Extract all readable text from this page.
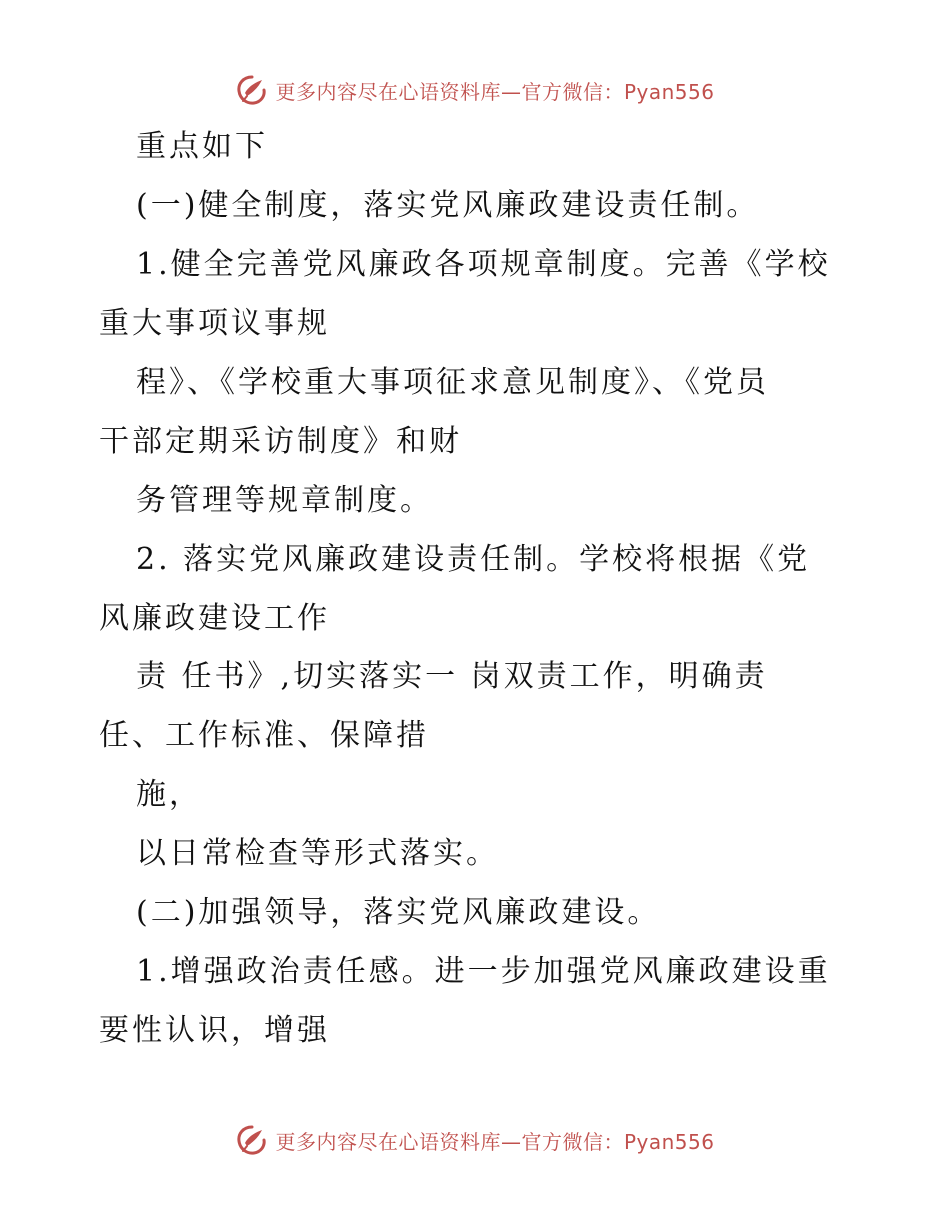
更多内容尽在心语资料库—官方微信：Pyan556
重点如下
(一)健全制度，落实党风廉政建设责任制。
1.健全完善党风廉政各项规章制度。完善《学校
重大事项议事规
程》、《学校重大事项征求意见制度》、《党员
干部定期采访制度》和财
务管理等规章制度。
2. 落实党风廉政建设责任制。学校将根据《党
风廉政建设工作
责 任书》,切实落实一 岗双责工作，明确责
任、工作标准、保障措
施，
以日常检查等形式落实。
(二)加强领导，落实党风廉政建设。
1.增强政治责任感。进一步加强党风廉政建设重
要性认识，增强
更多内容尽在心语资料库—官方微信：Pyan556
